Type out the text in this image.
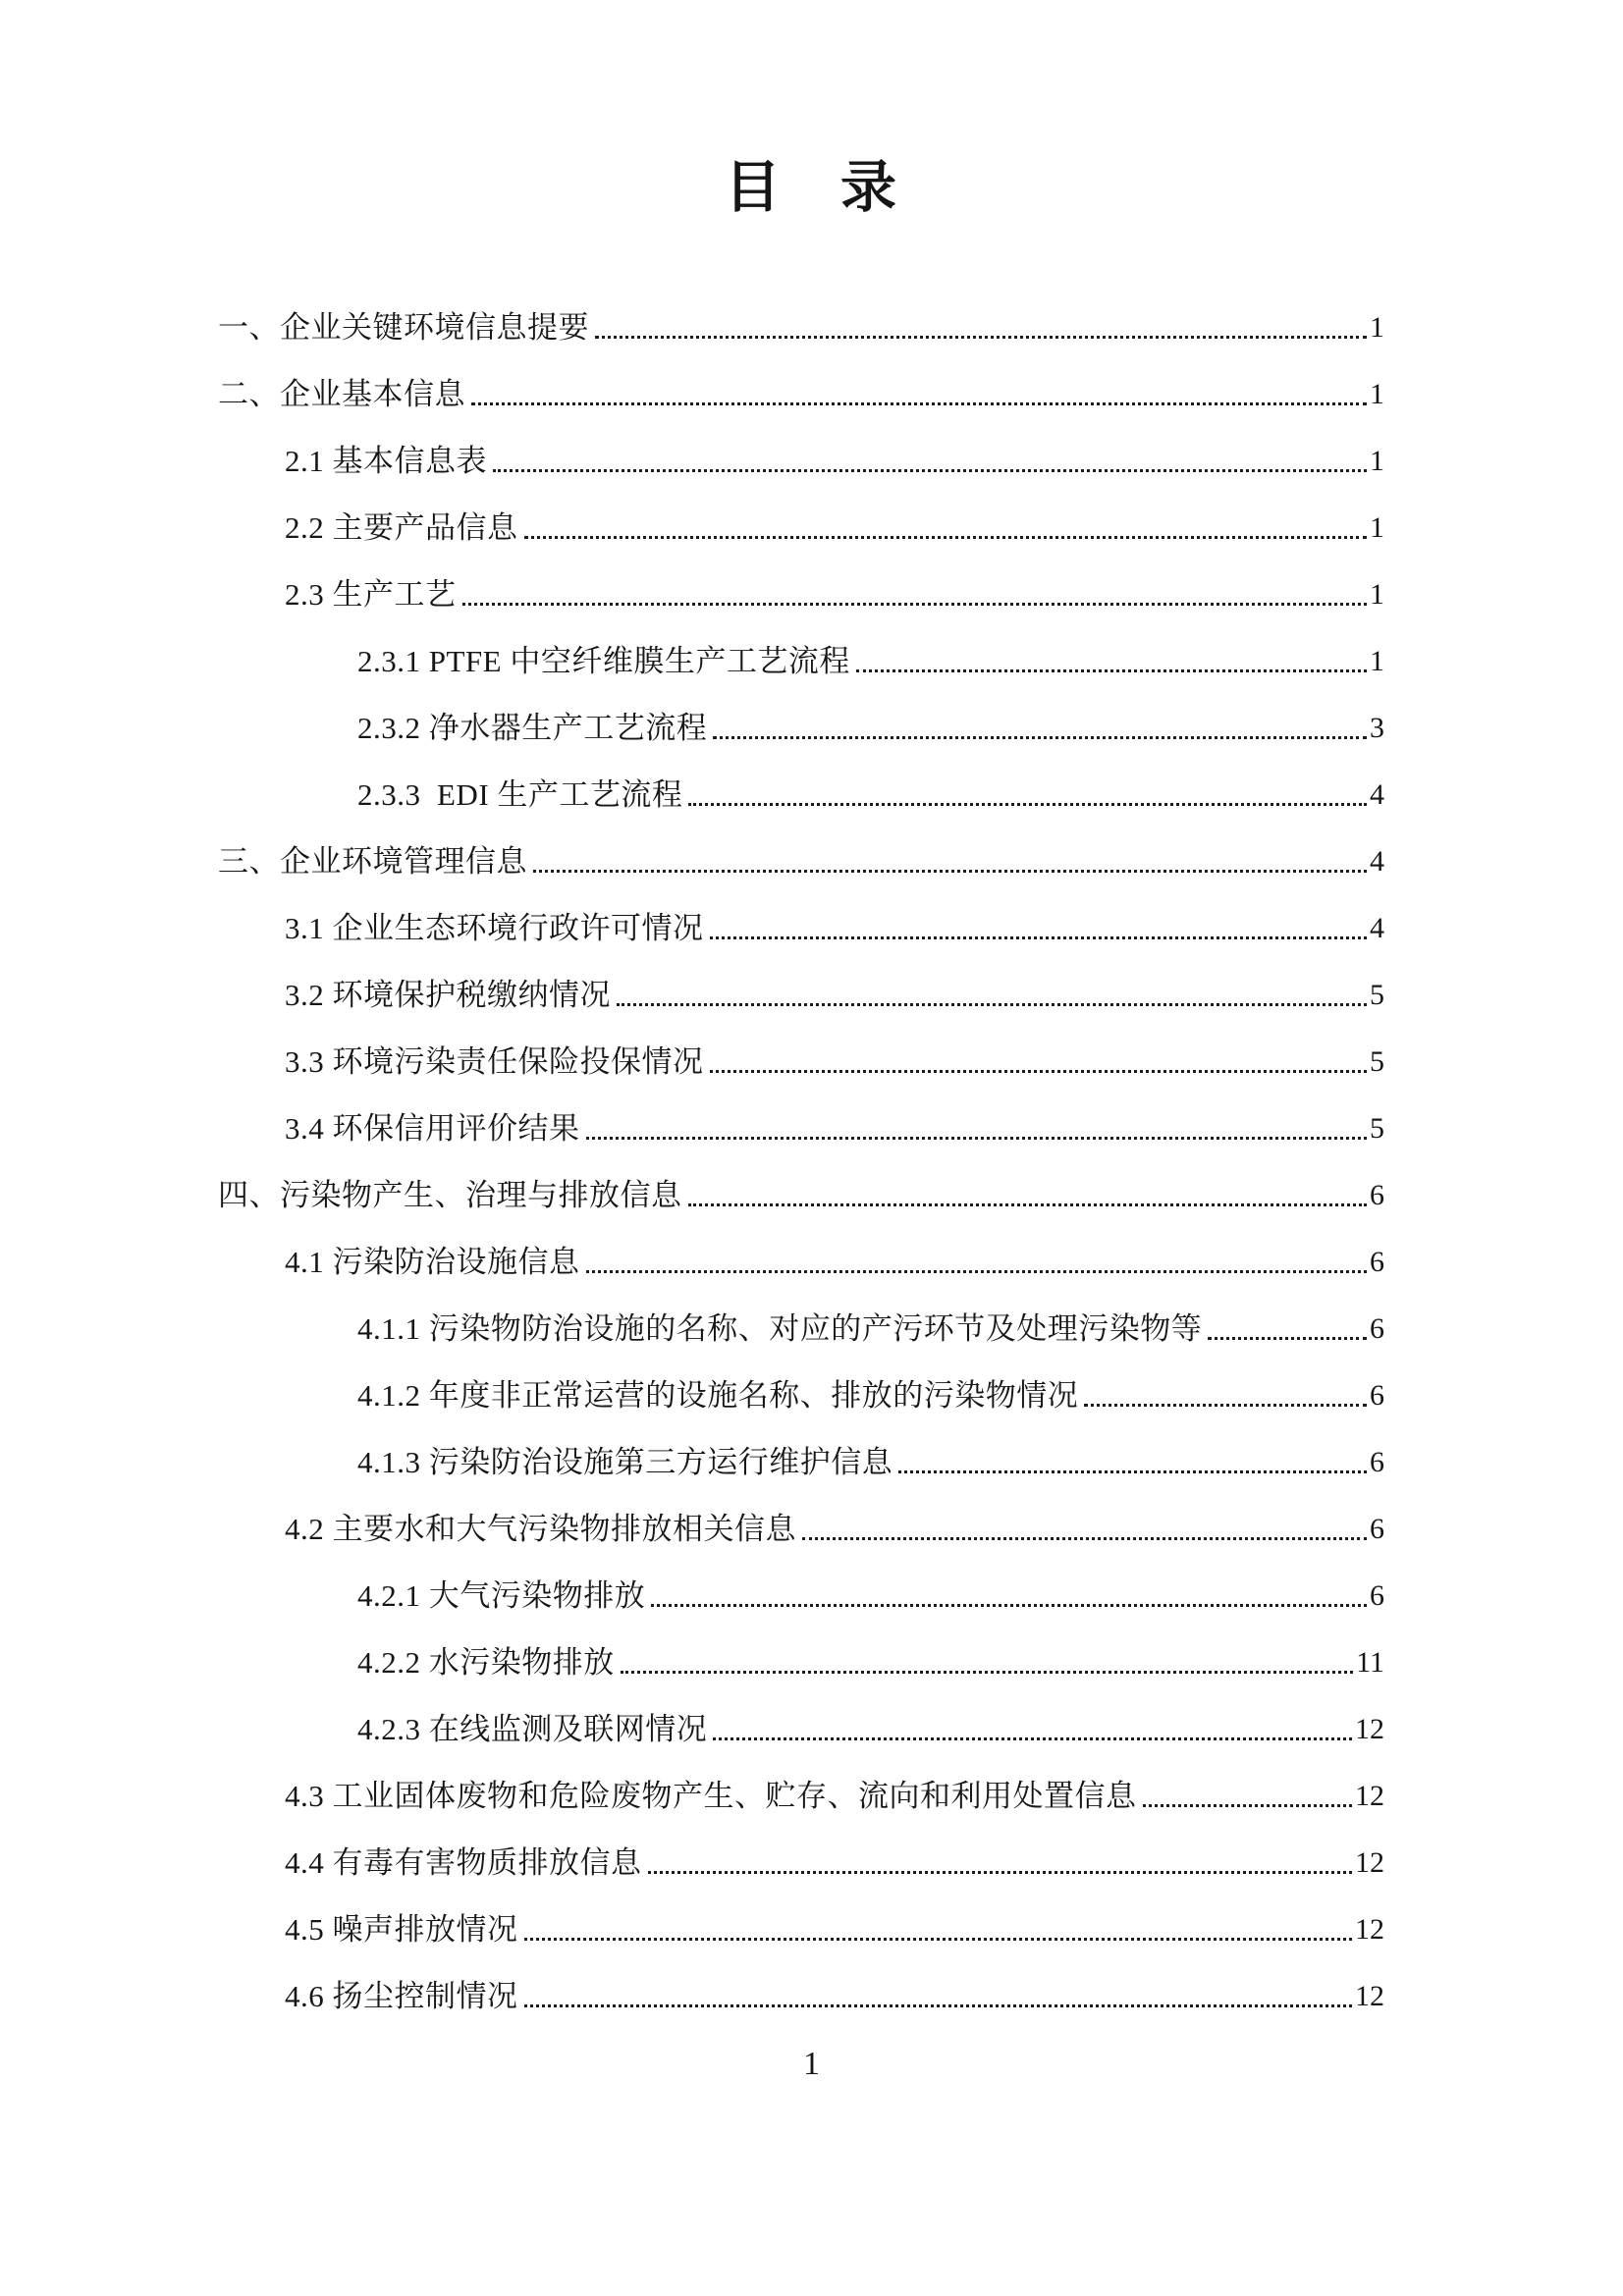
目　录
一、企业关键环境信息提要	1
二、企业基本信息	1
2.1 基本信息表	1
2.2 主要产品信息	1
2.3 生产工艺	1
2.3.1 PTFE 中空纤维膜生产工艺流程	1
2.3.2 净水器生产工艺流程	3
2.3.3  EDI 生产工艺流程	4
三、企业环境管理信息	4
3.1 企业生态环境行政许可情况	4
3.2 环境保护税缴纳情况	5
3.3 环境污染责任保险投保情况	5
3.4 环保信用评价结果	5
四、污染物产生、治理与排放信息	6
4.1 污染防治设施信息	6
4.1.1 污染物防治设施的名称、对应的产污环节及处理污染物等	6
4.1.2 年度非正常运营的设施名称、排放的污染物情况	6
4.1.3 污染防治设施第三方运行维护信息	6
4.2 主要水和大气污染物排放相关信息	6
4.2.1 大气污染物排放	6
4.2.2 水污染物排放	11
4.2.3 在线监测及联网情况	12
4.3 工业固体废物和危险废物产生、贮存、流向和利用处置信息	12
4.4 有毒有害物质排放信息	12
4.5 噪声排放情况	12
4.6 扬尘控制情况	12
1
